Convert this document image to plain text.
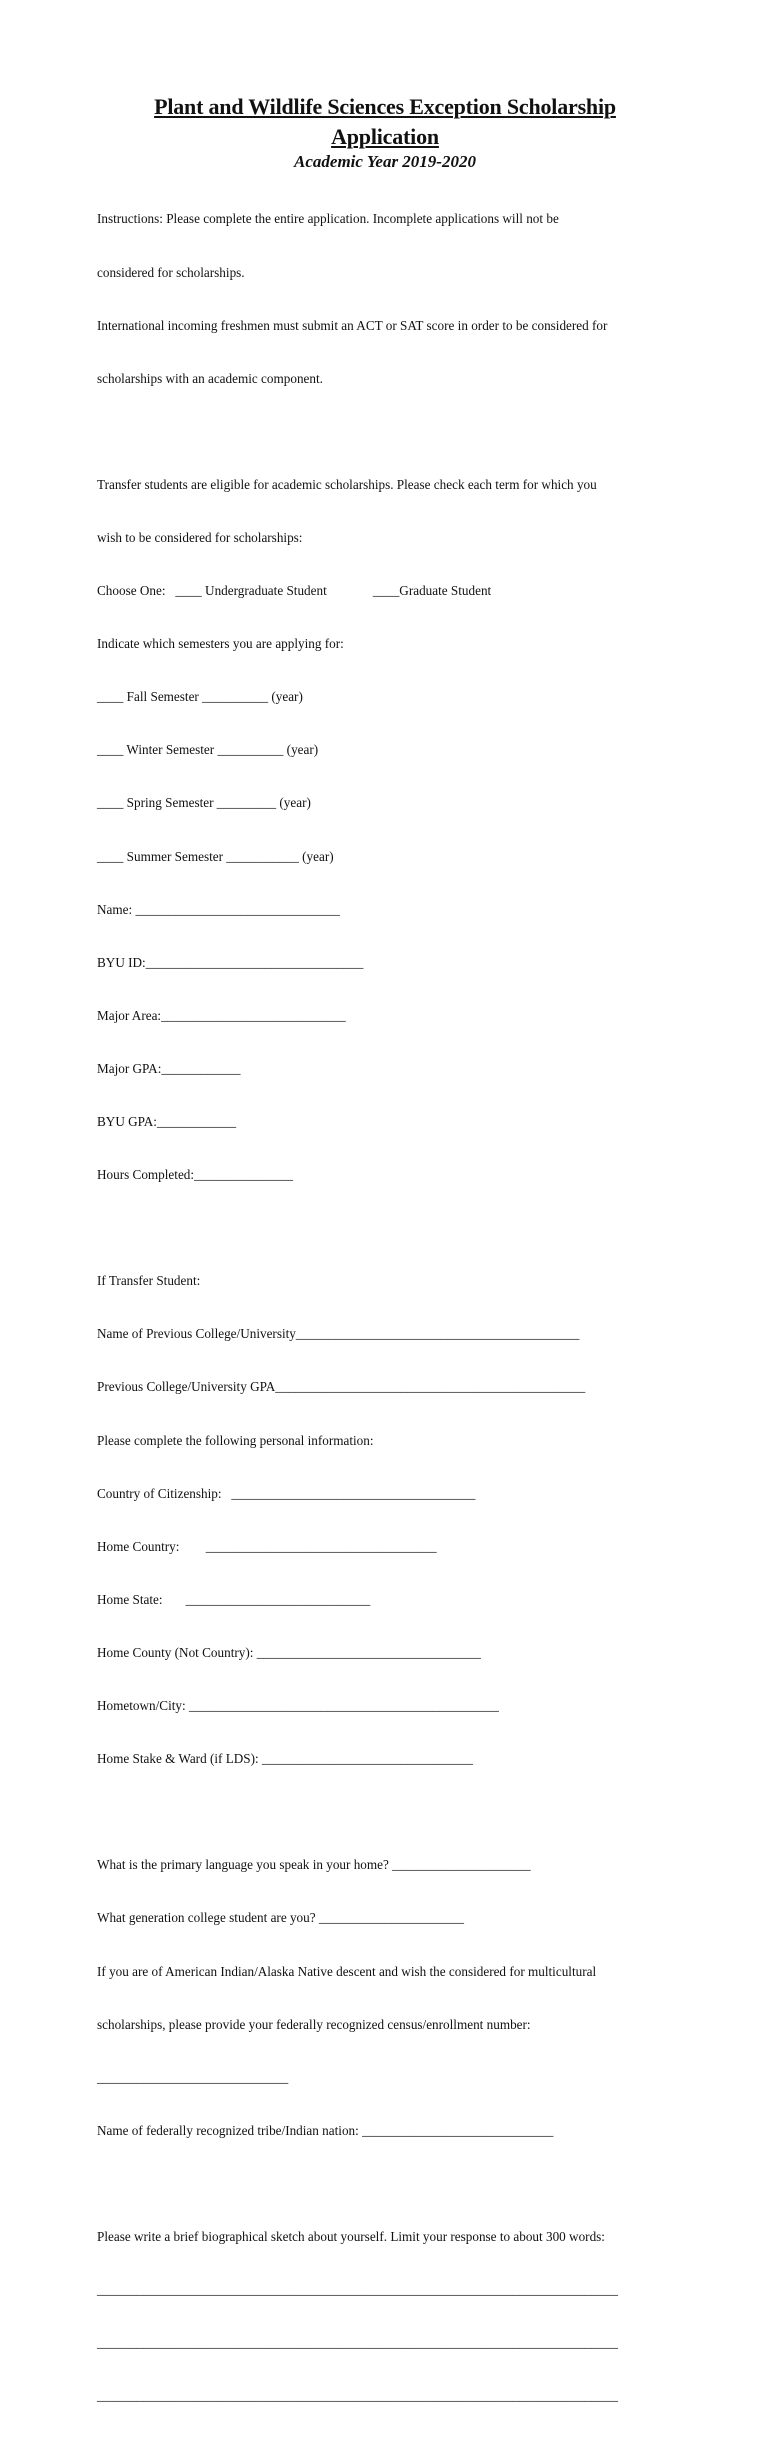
Plant and Wildlife Sciences Exception Scholarship
Application
Academic Year 2019-2020

Instructions: Please complete the entire application. Incomplete applications will not be

considered for scholarships.

International incoming freshmen must submit an ACT or SAT score in order to be considered for

scholarships with an academic component.

Transfer students are eligible for academic scholarships. Please check each term for which you

wish to be considered for scholarships:

Choose One:   ____ Undergraduate Student              ____Graduate Student

Indicate which semesters you are applying for:

____ Fall Semester __________ (year)

____ Winter Semester __________ (year)

____ Spring Semester _________ (year)

____ Summer Semester ___________ (year)

Name: _______________________________

BYU ID:_________________________________

Major Area:____________________________

Major GPA:____________

BYU GPA:____________

Hours Completed:_______________

If Transfer Student:

Name of Previous College/University___________________________________________

Previous College/University GPA_______________________________________________

Please complete the following personal information:

Country of Citizenship:   _____________________________________

Home Country:        ___________________________________

Home State:       ____________________________

Home County (Not Country): __________________________________

Hometown/City: _______________________________________________

Home Stake & Ward (if LDS): ________________________________

What is the primary language you speak in your home? _____________________

What generation college student are you? ______________________

If you are of American Indian/Alaska Native descent and wish the considered for multicultural

scholarships, please provide your federally recognized census/enrollment number:

_____________________________

Name of federally recognized tribe/Indian nation: _____________________________

Please write a brief biographical sketch about yourself. Limit your response to about 300 words:

_______________________________________________________________________________

_______________________________________________________________________________

_______________________________________________________________________________
